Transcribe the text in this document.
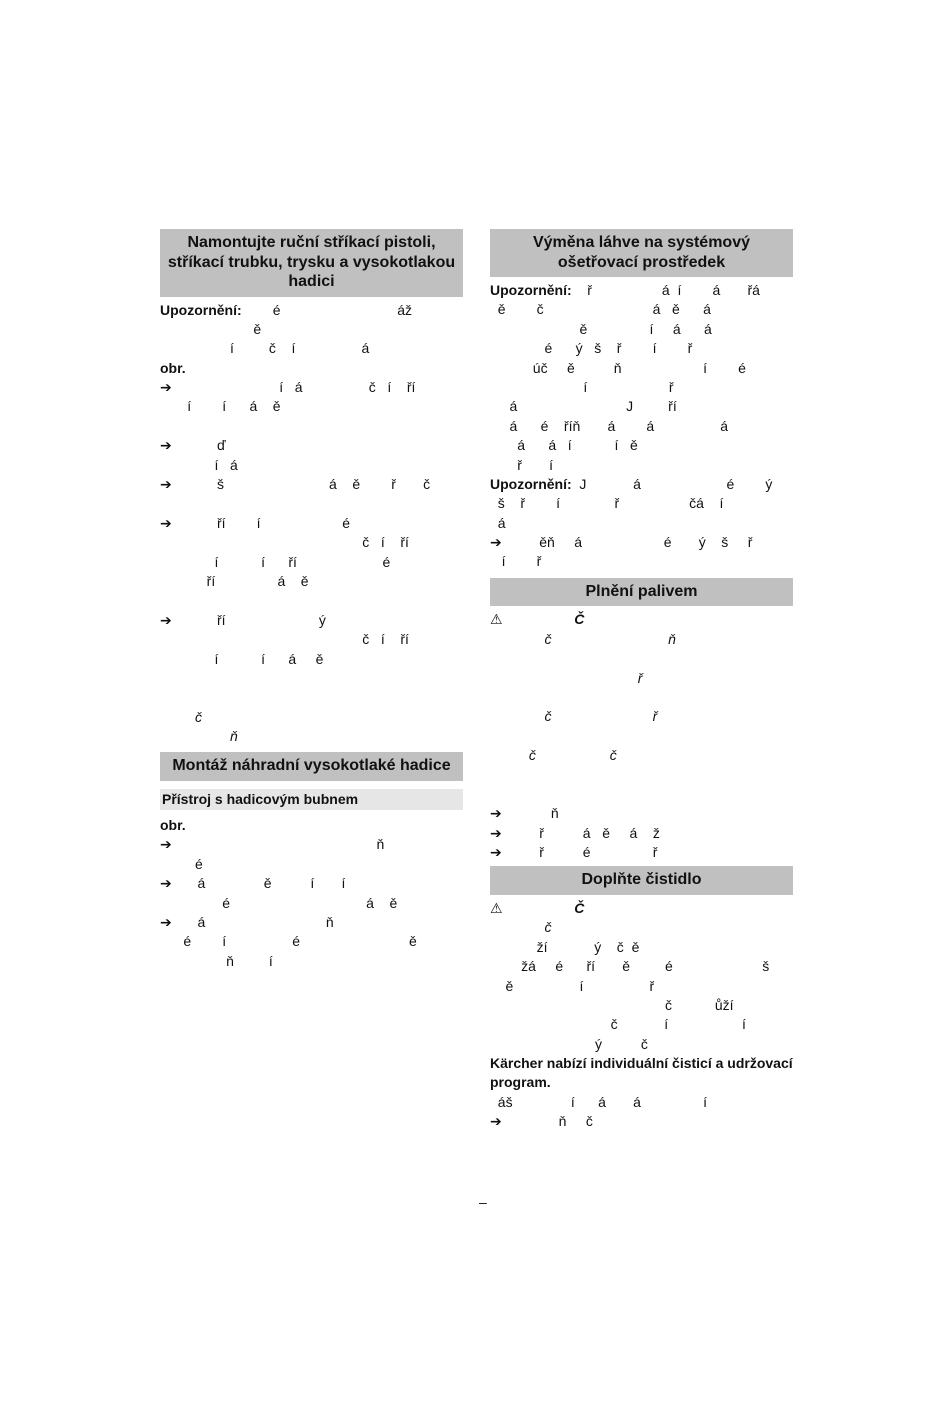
Namontujte ruční stříkací pistoli, stříkací trubku, trysku a vysokotlakou hadici
Upozornění:        é                              áž
ě
í         č    í                 á
obr.
➔                         í   á                 č   í    ří
í        í      á    ě
➔         ď
í   á
➔         š                           á    ě        ř       č
➔         ří        í                     é
č   í    ří
í           í      ří                      é
ří                á    ě
➔         ří                        ý
č   í    ří
í           í      á     ě
č
ň
Montáž náhradní vysokotlaké hadice
Přístroj s hadicovým bubnem
obr.
➔                                                  ň
é
➔    á               ě          í       í
é                                   á    ě
➔    á                               ň
é        í                 é                            ě
ň         í
Výměna láhve na systémový ošetřovací prostředek
Upozornění:    ř                  á  í        á       řá
ě        č                            á   ě      á
ě                í     á      á
é      ý   š    ř        í        ř
úč     ě          ň                     í        é
í                     ř
á                            J         ří
á      é    říň       á        á                 á
á      á   í           í   ě
ř       í
Upozornění:  J            á                      é        ý
š    ř        í              ř                  čá    í
á
➔       ěň     á                     é       ý    š     ř
í        ř
Plnění palivem
⚠                Č
č                              ň
ř
č                          ř
č                   č
➔          ň
➔       ř          á   ě     á    ž
➔       ř          é                ř
Doplňte čistidlo
⚠                Č
č
ží            ý    č  ě
žá     é      ří       ě         é                       š
ě                 í                 ř
č           ůží
č            í                   í
ý          č
Kärcher nabízí individuální čisticí a udržovací program.
áš               í      á       á                í
➔            ň     č
–
